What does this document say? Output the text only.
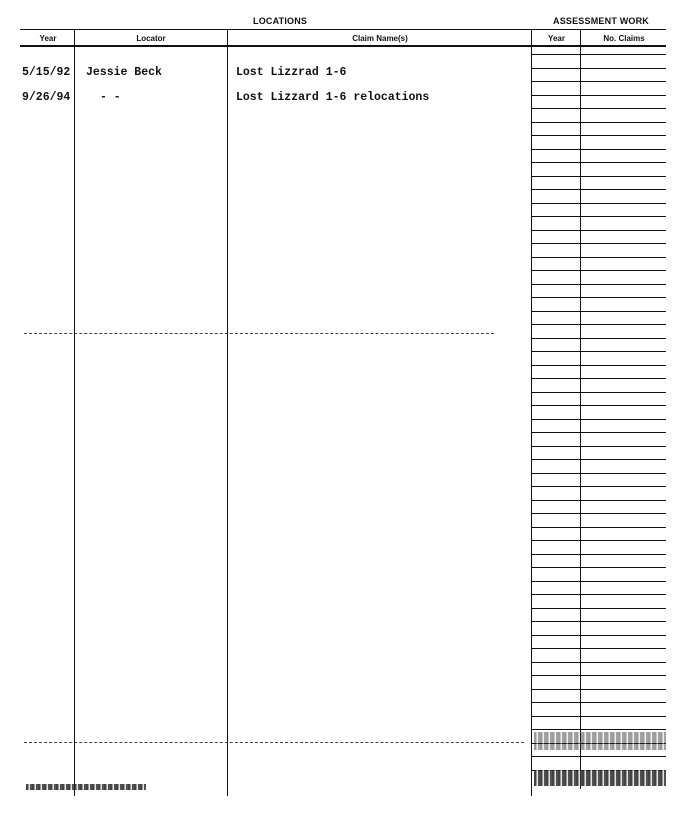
LOCATIONS	ASSESSMENT WORK
Year	Locator	Claim Name(s)	Year	No. Claims
5/15/92 Jessie Beck	Lost Lizzrad 1-6
9/26/94	- -	Lost Lizzard 1-6 relocations
